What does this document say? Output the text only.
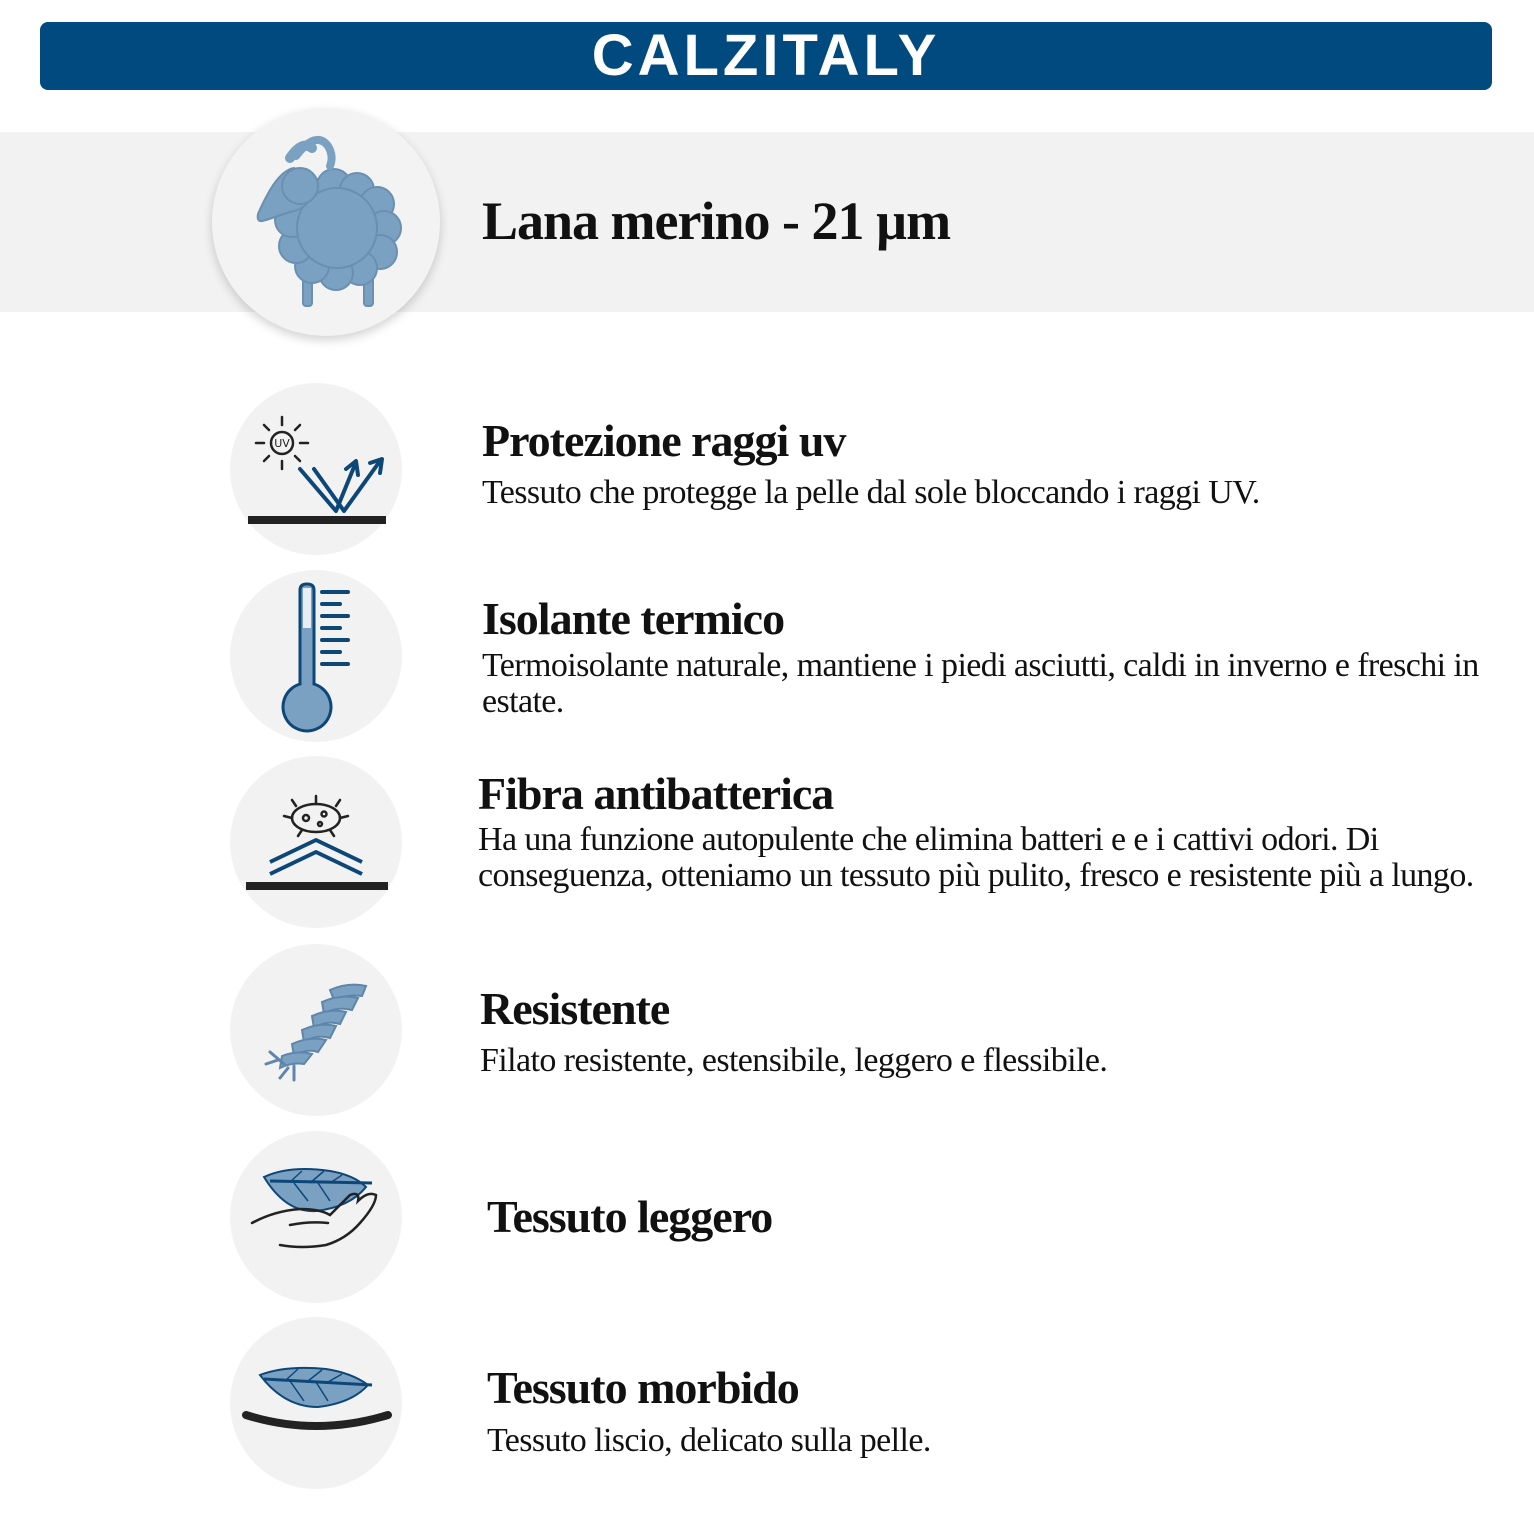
CALZITALY
Lana merino - 21 µm
UV	Protezione raggi uv
Tessuto che protegge la pelle dal sole bloccando i raggi UV.
Isolante termico
Termoisolante naturale, mantiene i piedi asciutti, caldi in inverno e freschi in estate.
Fibra antibatterica
Ha una funzione autopulente che elimina batteri e e i cattivi odori. Di conseguenza, otteniamo un tessuto più pulito, fresco e resistente più a lungo.
Resistente
Filato resistente, estensibile, leggero e flessibile.
Tessuto leggero
Tessuto morbido
Tessuto liscio, delicato sulla pelle.
